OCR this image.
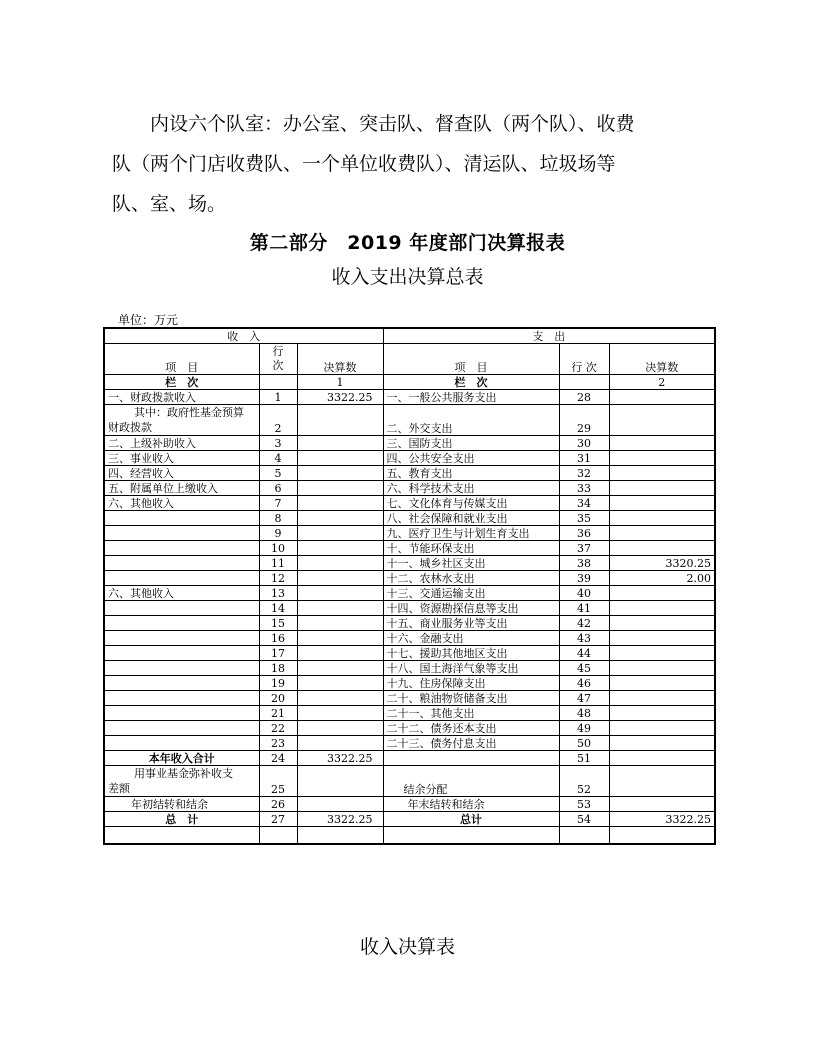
内设六个队室：办公室、突击队、督查队（两个队）、收费

队（两个门店收费队、一个单位收费队）、清运队、垃圾场等

队、室、场。

第二部分　2019 年度部门决算报表
收入支出决算总表
单位：万元
收　入			支　出		
项　目	行次	决算数	项　目	行 次	决算数
栏　次		1	栏　次		2
一、财政拨款收入	1	3322.25	一、一般公共服务支出	28	
其中：政府性基金预算
财政拨款	2		二、外交支出	29	
二、上级补助收入	3		三、国防支出	30	
三、事业收入	4		四、公共安全支出	31	
四、经营收入	5		五、教育支出	32	
五、附属单位上缴收入	6		六、科学技术支出	33	
六、其他收入	7		七、文化体育与传媒支出	34	
	8		八、社会保障和就业支出	35	
	9		九、医疗卫生与计划生育支出	36	
	10		十、节能环保支出	37	
	11		十一、城乡社区支出	38	3320.25
	12		十二、农林水支出	39	2.00
六、其他收入	13		十三、交通运输支出	40	
	14		十四、资源勘探信息等支出	41	
	15		十五、商业服务业等支出	42	
	16		十六、金融支出	43	
	17		十七、援助其他地区支出	44	
	18		十八、国土海洋气象等支出	45	
	19		十九、住房保障支出	46	
	20		二十、粮油物资储备支出	47	
	21		二十一、其他支出	48	
	22		二十二、债务还本支出	49	
	23		二十三、债务付息支出	50	
本年收入合计	24	3322.25		51	
用事业基金弥补收支
差额	25		结余分配	52	
年初结转和结余	26		年末结转和结余	53	
总　计	27	3322.25	总计	54	3322.25

收入决算表
